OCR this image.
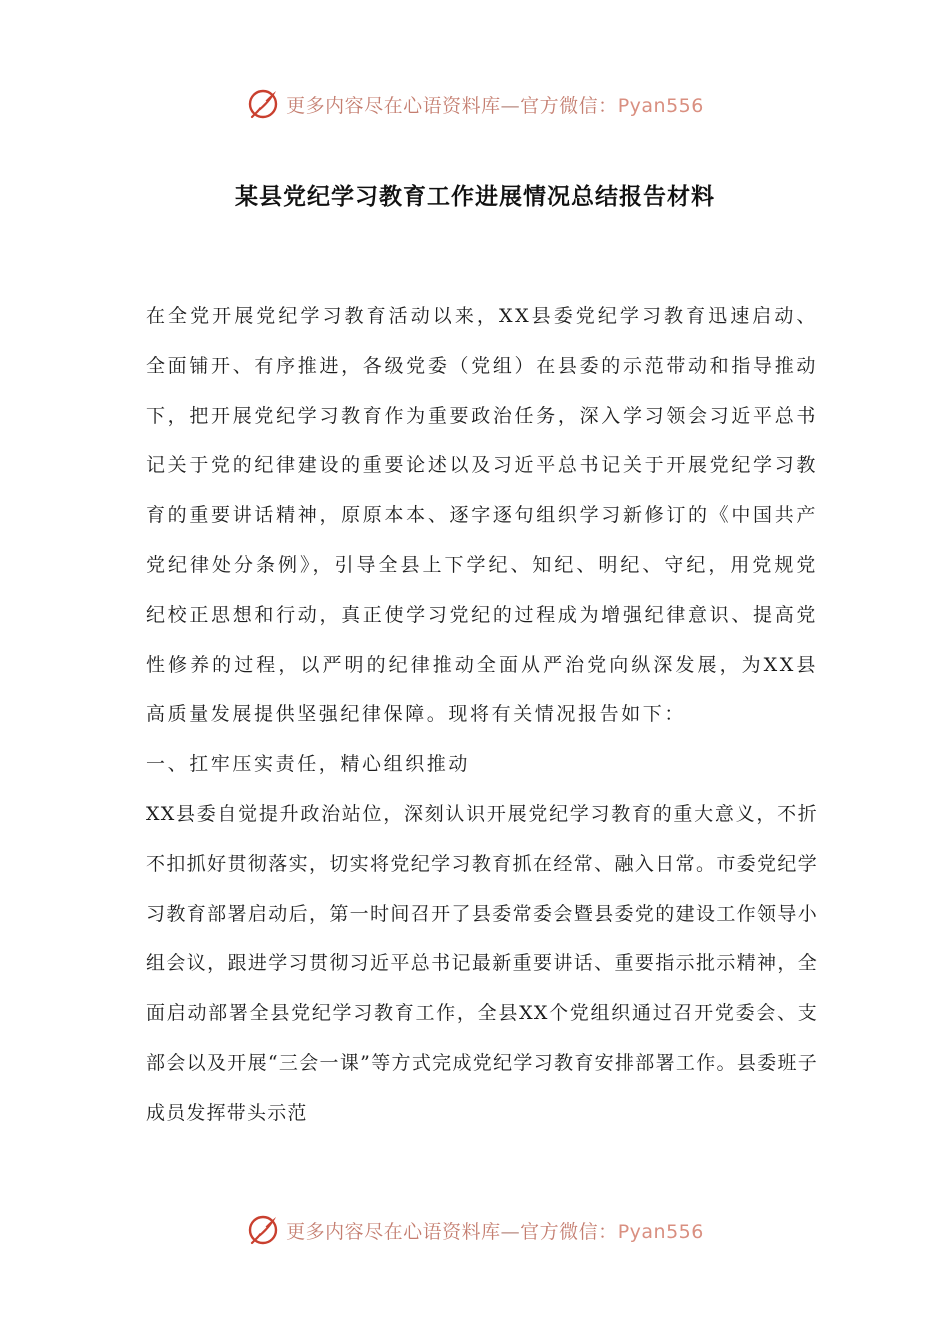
更多内容尽在心语资料库—官方微信：Pyan556
某县党纪学习教育工作进展情况总结报告材料

在全党开展党纪学习教育活动以来，XX县委党纪学习教育迅速启动、全面铺开、有序推进，各级党委（党组）在县委的示范带动和指导推动下，把开展党纪学习教育作为重要政治任务，深入学习领会习近平总书记关于党的纪律建设的重要论述以及习近平总书记关于开展党纪学习教育的重要讲话精神，原原本本、逐字逐句组织学习新修订的《中国共产党纪律处分条例》，引导全县上下学纪、知纪、明纪、守纪，用党规党纪校正思想和行动，真正使学习党纪的过程成为增强纪律意识、提高党性修养的过程，以严明的纪律推动全面从严治党向纵深发展，为XX县高质量发展提供坚强纪律保障。现将有关情况报告如下：

一、扛牢压实责任，精心组织推动

XX县委自觉提升政治站位，深刻认识开展党纪学习教育的重大意义，不折不扣抓好贯彻落实，切实将党纪学习教育抓在经常、融入日常。市委党纪学习教育部署启动后，第一时间召开了县委常委会暨县委党的建设工作领导小组会议，跟进学习贯彻习近平总书记最新重要讲话、重要指示批示精神，全面启动部署全县党纪学习教育工作，全县XX个党组织通过召开党委会、支部会以及开展“三会一课”等方式完成党纪学习教育安排部署工作。县委班子成员发挥带头示范

更多内容尽在心语资料库—官方微信：Pyan556
